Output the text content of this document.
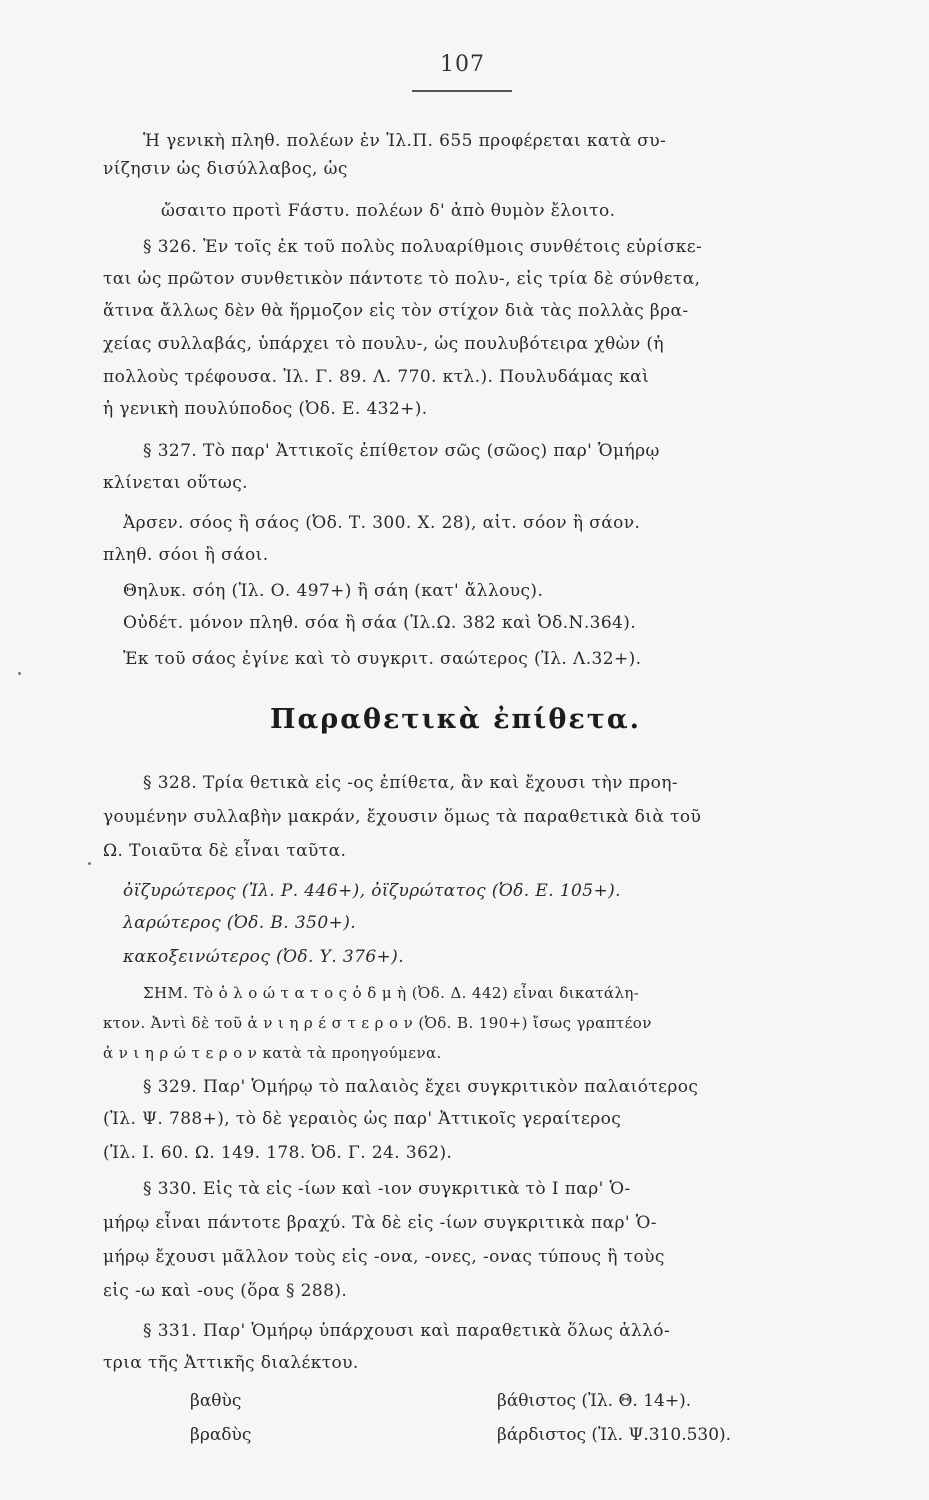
107
Ἡ γενικὴ πληθ. πολέων ἐν Ἰλ.Π. 655 προφέρεται κατὰ συ-
νίζησιν ὡς δισύλλαβος, ὡς
ὤσαιτο προτὶ Fάστυ. πολέων δ' ἀπὸ θυμὸν ἔλοιτο.
§ 326. Ἐν τοῖς ἐκ τοῦ πολὺς πολυαρίθμοις συνθέτοις εὑρίσκε-
ται ὡς πρῶτον συνθετικὸν πάντοτε τὸ πολυ-, εἰς τρία δὲ σύνθετα,
ἅτινα ἄλλως δὲν θὰ ἥρμοζον εἰς τὸν στίχον διὰ τὰς πολλὰς βρα-
χείας συλλαβάς, ὑπάρχει τὸ πουλυ-, ὡς πουλυβότειρα χθὼν (ἡ
πολλοὺς τρέφουσα. Ἰλ. Γ. 89. Λ. 770. κτλ.). Πουλυδάμας καὶ
ἡ γενικὴ πουλύποδος (Ὀδ. Ε. 432+).
§ 327. Τὸ παρ' Ἀττικοῖς ἐπίθετον σῶς (σῶος) παρ' Ὁμήρῳ
κλίνεται οὕτως.
Ἀρσεν. σόος ἢ σάος (Ὀδ. Τ. 300. Χ. 28), αἰτ. σόον ἢ σάον.
πληθ. σόοι ἢ σάοι.
Θηλυκ. σόη (Ἰλ. Ο. 497+) ἢ σάη (κατ' ἄλλους).
Οὐδέτ. μόνον πληθ. σόα ἢ σάα (Ἰλ.Ω. 382 καὶ Ὀδ.Ν.364).
Ἐκ τοῦ σάος ἐγίνε καὶ τὸ συγκριτ. σαώτερος (Ἰλ. Λ.32+).
Παραθετικὰ ἐπίθετα.
§ 328. Τρία θετικὰ εἰς -ος ἐπίθετα, ἂν καὶ ἔχουσι τὴν προη-
γουμένην συλλαβὴν μακράν, ἔχουσιν ὅμως τὰ παραθετικὰ διὰ τοῦ
Ω. Τοιαῦτα δὲ εἶναι ταῦτα.
ὀϊζυρώτερος (Ἰλ. Ρ. 446+), ὀϊζυρώτατος (Ὀδ. Ε. 105+).
λαρώτερος (Ὀδ. Β. 350+).
κακοξεινώτερος (Ὀδ. Υ. 376+).
ΣΗΜ. Τὸ ὁ λ ο ώ τ α τ ο ς ὁ δ μ ὴ (Ὀδ. Δ. 442) εἶναι δικατάλη-
κτον. Ἀντὶ δὲ τοῦ ἀ ν ι η ρ έ σ τ ε ρ ο ν (Ὀδ. Β. 190+) ἴσως γραπτέον
ἀ ν ι η ρ ώ τ ε ρ ο ν κατὰ τὰ προηγούμενα.
§ 329. Παρ' Ὁμήρῳ τὸ παλαιὸς ἔχει συγκριτικὸν παλαιότερος
(Ἰλ. Ψ. 788+), τὸ δὲ γεραιὸς ὡς παρ' Ἀττικοῖς γεραίτερος
(Ἰλ. Ι. 60. Ω. 149. 178. Ὀδ. Γ. 24. 362).
§ 330. Εἰς τὰ εἰς -ίων καὶ -ιον συγκριτικὰ τὸ Ι παρ' Ὁ-
μήρῳ εἶναι πάντοτε βραχύ. Τὰ δὲ εἰς -ίων συγκριτικὰ παρ' Ὁ-
μήρῳ ἔχουσι μᾶλλον τοὺς εἰς -ονα, -ονες, -ονας τύπους ἢ τοὺς
εἰς -ω καὶ -ους (ὅρα § 288).
§ 331. Παρ' Ὁμήρῳ ὑπάρχουσι καὶ παραθετικὰ ὅλως ἀλλό-
τρια τῆς Ἀττικῆς διαλέκτου.
βαθὺς	βάθιστος (Ἰλ. Θ. 14+).
βραδὺς	βάρδιστος (Ἰλ. Ψ.310.530).
